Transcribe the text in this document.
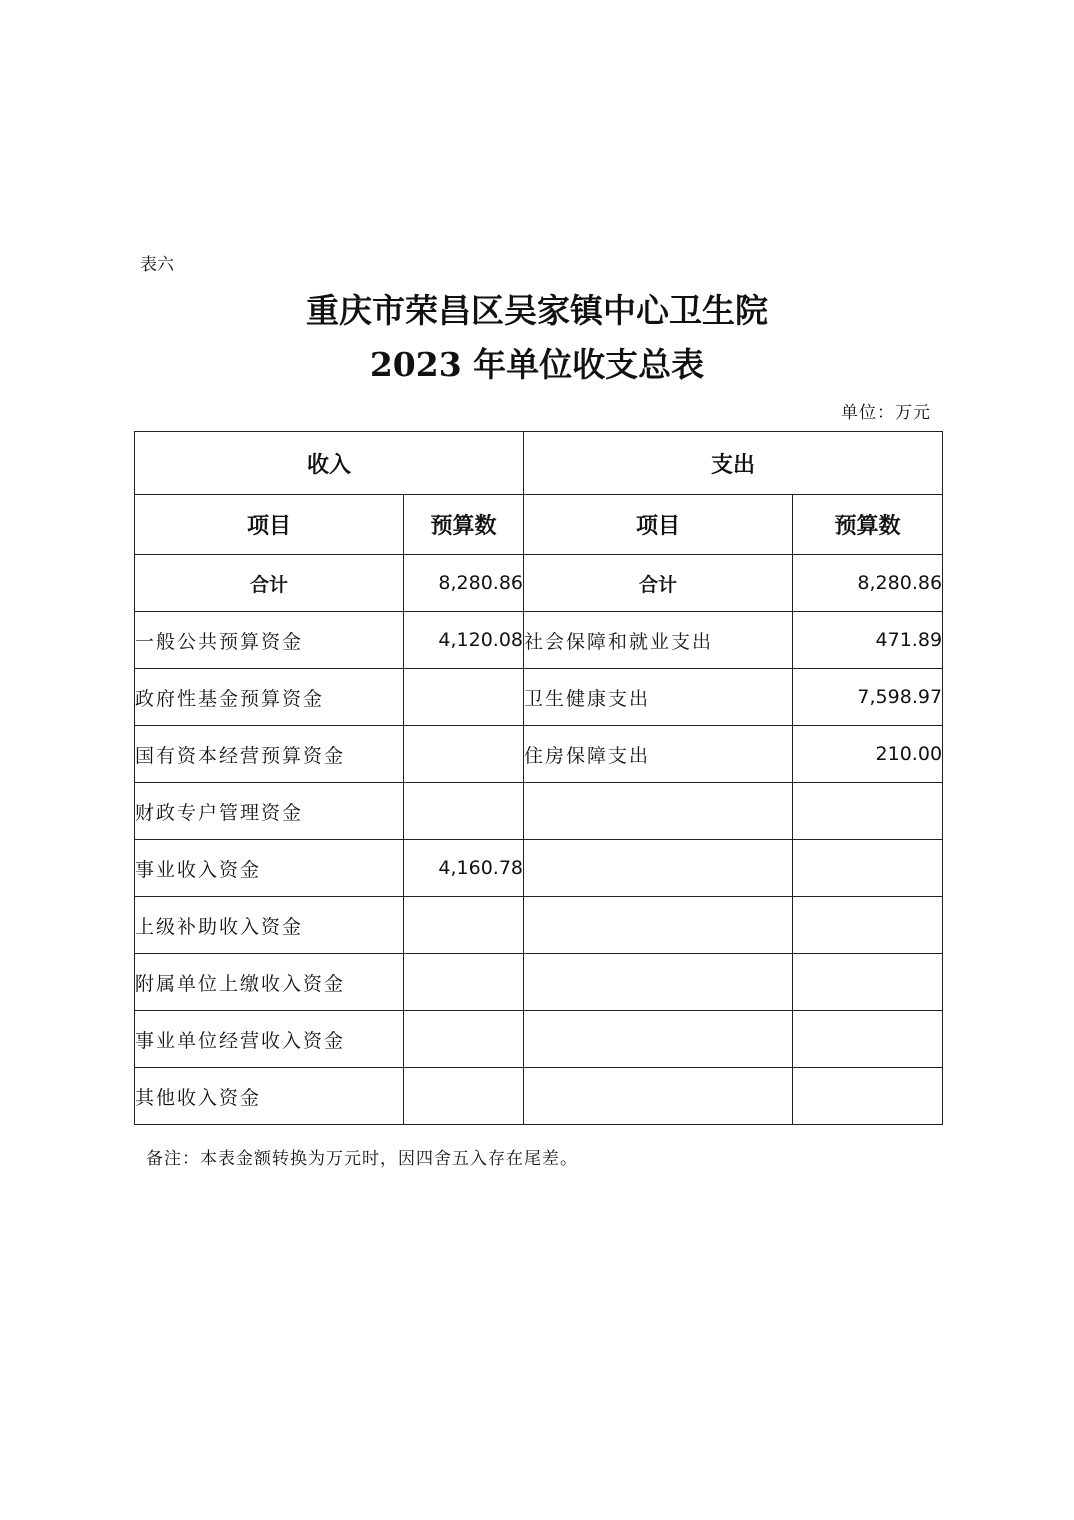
表六
重庆市荣昌区吴家镇中心卫生院
2023 年单位收支总表
单位：万元
收入		支出	
项目	预算数	项目	预算数
合计	8,280.86	合计	8,280.86
一般公共预算资金	4,120.08	社会保障和就业支出	471.89
政府性基金预算资金		卫生健康支出	7,598.97
国有资本经营预算资金		住房保障支出	210.00
财政专户管理资金			
事业收入资金	4,160.78		
上级补助收入资金			
附属单位上缴收入资金			
事业单位经营收入资金			
其他收入资金			
备注：本表金额转换为万元时，因四舍五入存在尾差。
